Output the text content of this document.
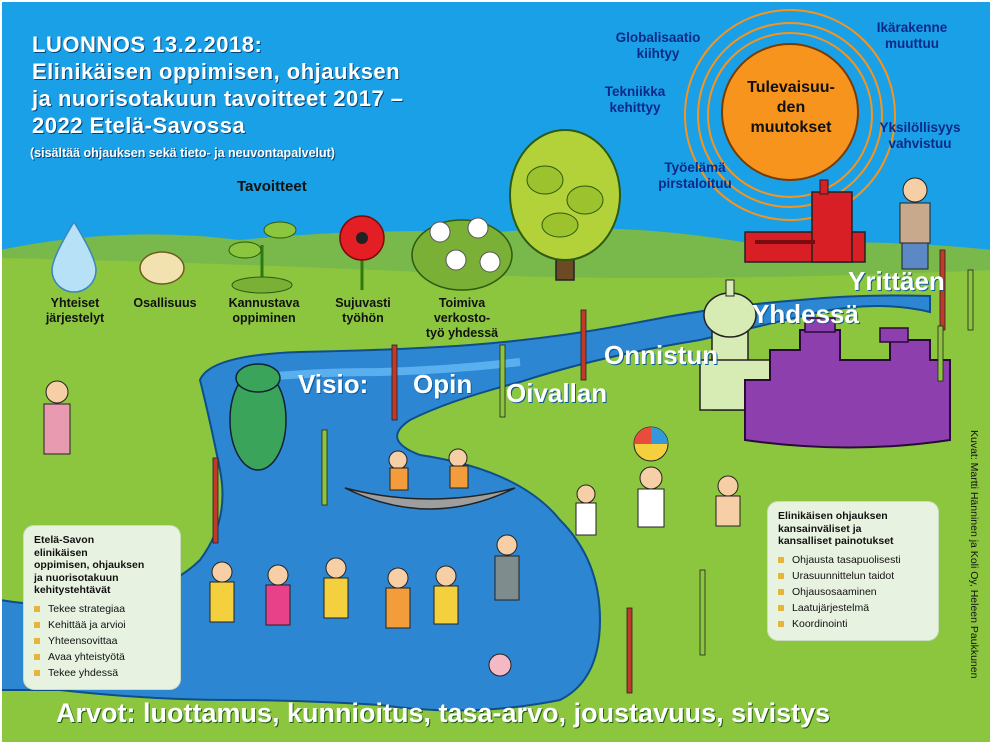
LUONNOS 13.2.2018:
Elinikäisen oppimisen, ohjauksen
ja nuorisotakuun tavoitteet 2017 –
2022 Etelä-Savossa
(sisältää ohjauksen sekä tieto- ja neuvontapalvelut)
Tavoitteet
Yhteiset
järjestelyt
Osallisuus	Kannustava
oppiminen
Sujuvasti
työhön
Toimiva
verkosto-
työ yhdessä
Tulevaisuu-
den
muutokset
Globalisaatio
kiihtyy
Tekniikka
kehittyy
Työelämä
pirstaloituu
Ikärakenne
muuttuu
Yksilöllisyys
vahvistuu
Visio: Opin Oivallan
Onnistun
Yhdessä
Yrittäen
Etelä-Savon
elinikäisen
oppimisen, ohjauksen
ja nuorisotakuun
kehitystehtävät
Tekee strategiaa
Kehittää ja arvioi
Yhteensovittaa
Avaa yhteistyötä
Tekee yhdessä
Elinikäisen ohjauksen
kansainväliset ja
kansalliset painotukset
Ohjausta tasapuolisesti
Urasuunnittelun taidot
Ohjausosaaminen
Laatujärjestelmä
Koordinointi
Arvot: luottamus, kunnioitus, tasa-arvo, joustavuus, sivistys
Kuvat: Martti Hänninen ja Koli Oy, Heleen Paukkunen
